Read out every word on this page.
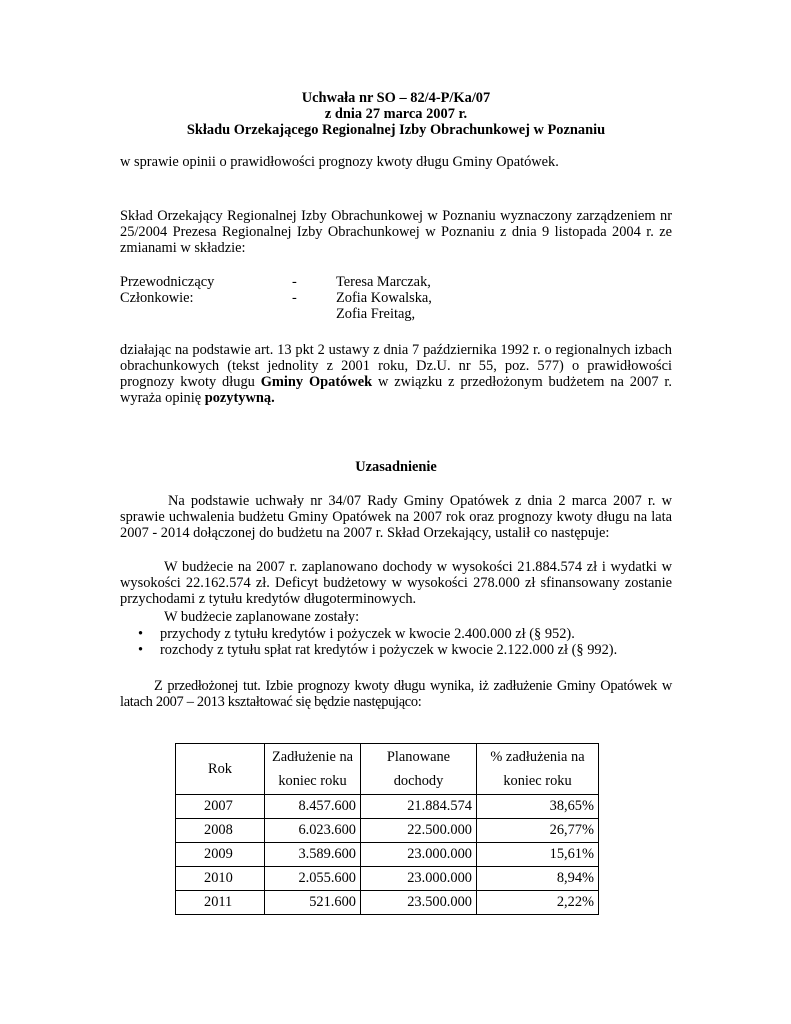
Uchwała nr SO – 82/4-P/Ka/07
z dnia 27 marca 2007 r.
Składu Orzekającego Regionalnej Izby Obrachunkowej w Poznaniu
w sprawie opinii o prawidłowości prognozy kwoty długu Gminy Opatówek.
Skład Orzekający Regionalnej Izby Obrachunkowej w Poznaniu wyznaczony zarządzeniem nr 25/2004 Prezesa Regionalnej Izby Obrachunkowej w Poznaniu z dnia 9 listopada 2004 r. ze zmianami w składzie:
Przewodniczący	-	Teresa Marczak,
Członkowie:	-	Zofia Kowalska,
Zofia Freitag,
działając na podstawie art. 13 pkt 2 ustawy z dnia 7 października 1992 r. o regionalnych izbach obrachunkowych (tekst jednolity z 2001 roku, Dz.U. nr 55, poz. 577) o prawidłowości prognozy kwoty długu Gminy Opatówek w związku z przedłożonym budżetem na 2007 r. wyraża opinię pozytywną.
Uzasadnienie
Na podstawie uchwały nr 34/07 Rady Gminy Opatówek z dnia 2 marca 2007 r. w sprawie uchwalenia budżetu Gminy Opatówek na 2007 rok oraz prognozy kwoty długu na lata 2007 - 2014 dołączonej do budżetu na 2007 r. Skład Orzekający, ustalił co następuje:
W budżecie na 2007 r. zaplanowano dochody w wysokości 21.884.574 zł i wydatki w wysokości 22.162.574 zł. Deficyt budżetowy w wysokości 278.000 zł sfinansowany zostanie przychodami z tytułu kredytów długoterminowych.
W budżecie zaplanowane zostały:
• przychody z tytułu kredytów i pożyczek w kwocie 2.400.000 zł (§ 952).
• rozchody z tytułu spłat rat kredytów i pożyczek w kwocie 2.122.000 zł (§ 992).
Z przedłożonej tut. Izbie prognozy kwoty długu wynika, iż zadłużenie Gminy Opatówek w latach 2007 – 2013 kształtować się będzie następująco:
Rok	Zadłużenie na koniec roku	Planowane dochody	% zadłużenia na koniec roku
2007	8.457.600	21.884.574	38,65%
2008	6.023.600	22.500.000	26,77%
2009	3.589.600	23.000.000	15,61%
2010	2.055.600	23.000.000	8,94%
2011	521.600	23.500.000	2,22%
